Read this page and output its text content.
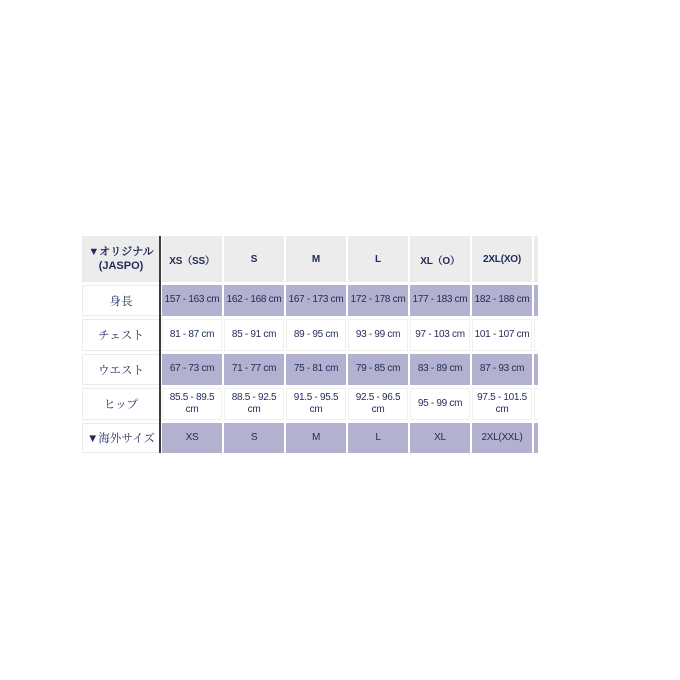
▼オリジナル
(JASPO)	XS（SS）	S	M	L	XL（O）	2XL(XO)	
身長	157 - 163 cm	162 - 168 cm	167 - 173 cm	172 - 178 cm	177 - 183 cm	182 - 188 cm	
チェスト	81 - 87 cm	85 - 91 cm	89 - 95 cm	93 - 99 cm	97 - 103 cm	101 - 107 cm	
ウエスト	67 - 73 cm	71 - 77 cm	75 - 81 cm	79 - 85 cm	83 - 89 cm	87 - 93 cm	
ヒップ	85.5 - 89.5 cm	88.5 - 92.5 cm	91.5 - 95.5 cm	92.5 - 96.5 cm	95 - 99 cm	97.5 - 101.5 cm	
▼海外サイズ	XS	S	M	L	XL	2XL(XXL)	
